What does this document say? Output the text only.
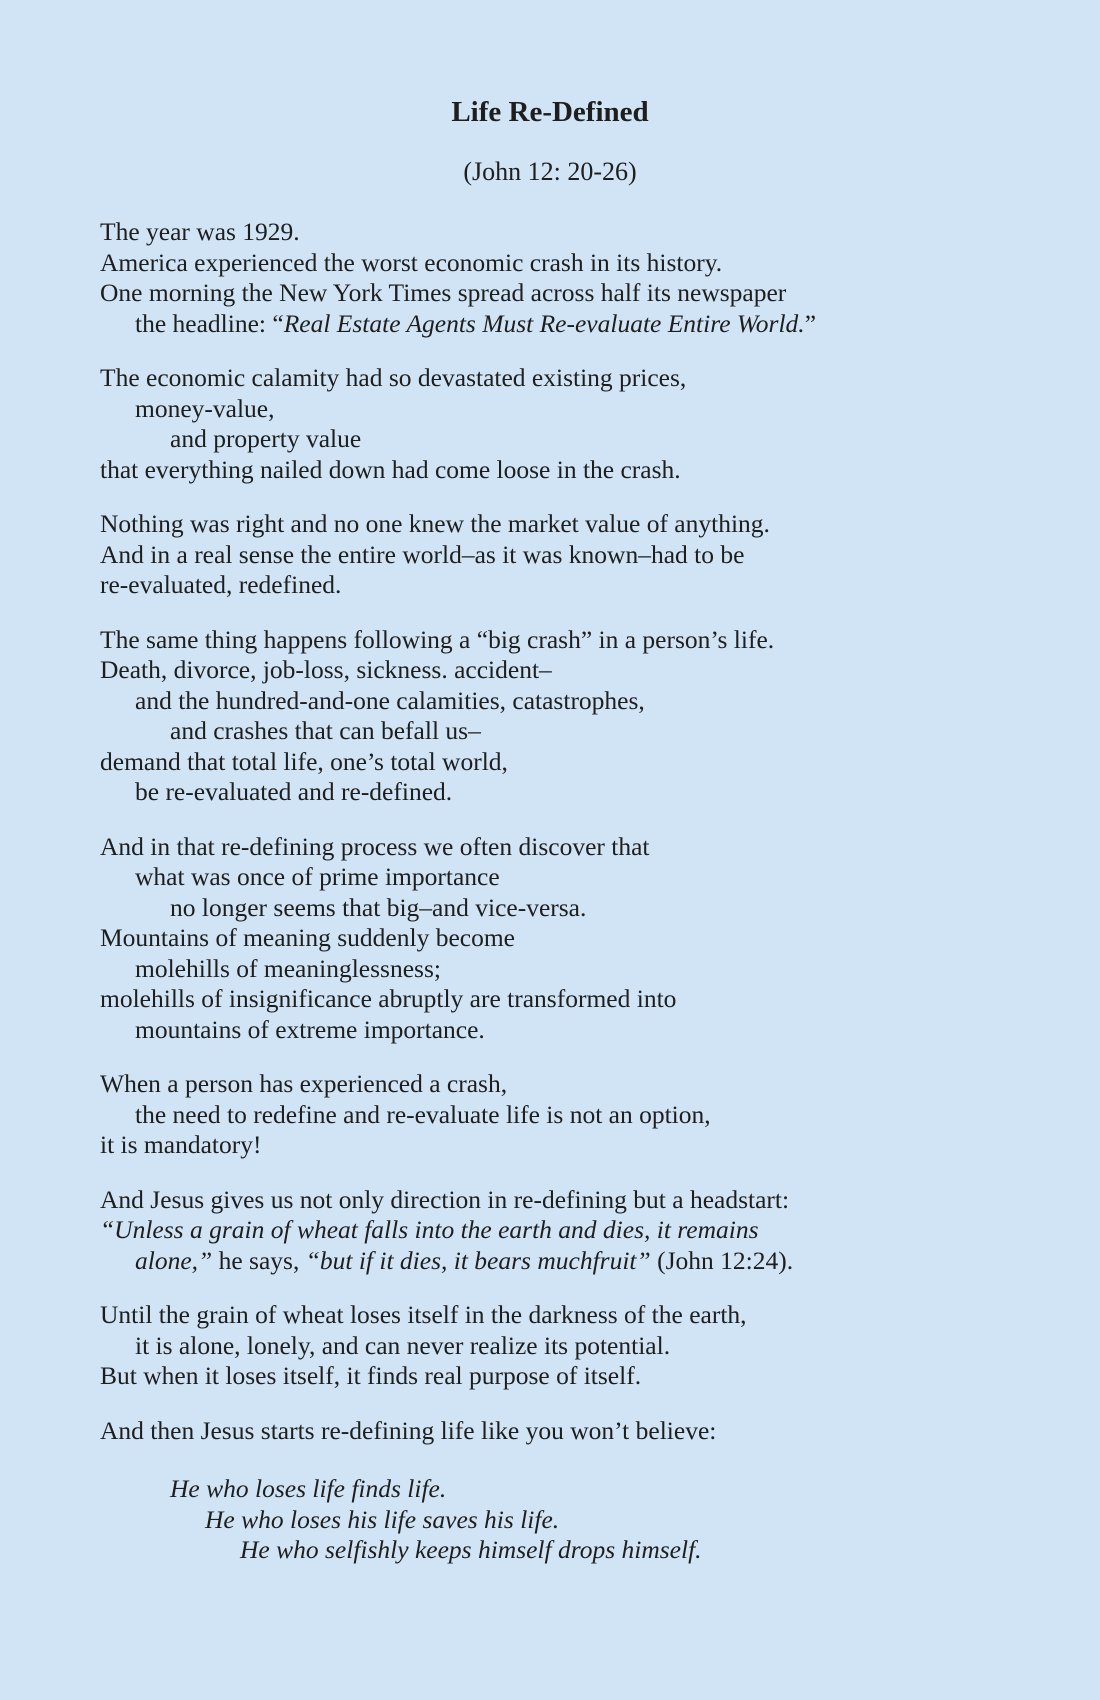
Life Re-Defined

(John 12: 20-26)

The year was 1929.
America experienced the worst economic crash in its history.
One morning the New York Times spread across half its newspaper
the headline: “Real Estate Agents Must Re-evaluate Entire World.”
The economic calamity had so devastated existing prices,
money-value,
and property value
that everything nailed down had come loose in the crash.
Nothing was right and no one knew the market value of anything.
And in a real sense the entire world–as it was known–had to be
re-evaluated, redefined.
The same thing happens following a “big crash” in a person’s life.
Death, divorce, job-loss, sickness. accident–
and the hundred-and-one calamities, catastrophes,
and crashes that can befall us–
demand that total life, one’s total world,
be re-evaluated and re-defined.
And in that re-defining process we often discover that
what was once of prime importance
no longer seems that big–and vice-versa.
Mountains of meaning suddenly become
molehills of meaninglessness;
molehills of insignificance abruptly are transformed into
mountains of extreme importance.
When a person has experienced a crash,
the need to redefine and re-evaluate life is not an option,
it is mandatory!
And Jesus gives us not only direction in re-defining but a headstart:
“Unless a grain of wheat falls into the earth and dies, it remains
alone,” he says, “but if it dies, it bears muchfruit” (John 12:24).
Until the grain of wheat loses itself in the darkness of the earth,
it is alone, lonely, and can never realize its potential.
But when it loses itself, it finds real purpose of itself.
And then Jesus starts re-defining life like you won’t believe:
He who loses life finds life.
He who loses his life saves his life.
He who selfishly keeps himself drops himself.
